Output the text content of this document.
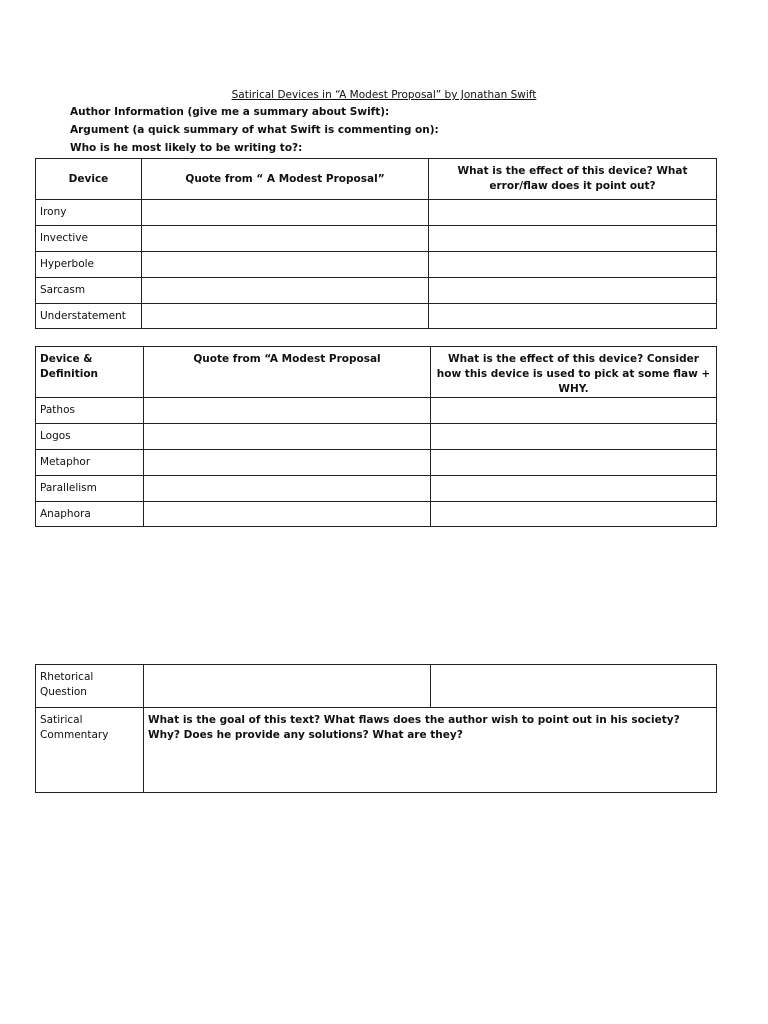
Satirical Devices in “A Modest Proposal” by Jonathan Swift
Author Information (give me a summary about Swift):
Argument (a quick summary of what Swift is commenting on):
Who is he most likely to be writing to?:
Device	Quote from “ A Modest Proposal”	What is the effect of this device? What error/flaw does it point out?
Irony		
Invective		
Hyperbole		
Sarcasm		
Understatement		
Device & Definition	Quote from “A Modest Proposal	What is the effect of this device? Consider how this device is used to pick at some flaw + WHY.
Pathos		
Logos		
Metaphor		
Parallelism		
Anaphora		
Rhetorical Question		
Satirical Commentary	What is the goal of this text? What flaws does the author wish to point out in his society? Why? Does he provide any solutions? What are they?	
